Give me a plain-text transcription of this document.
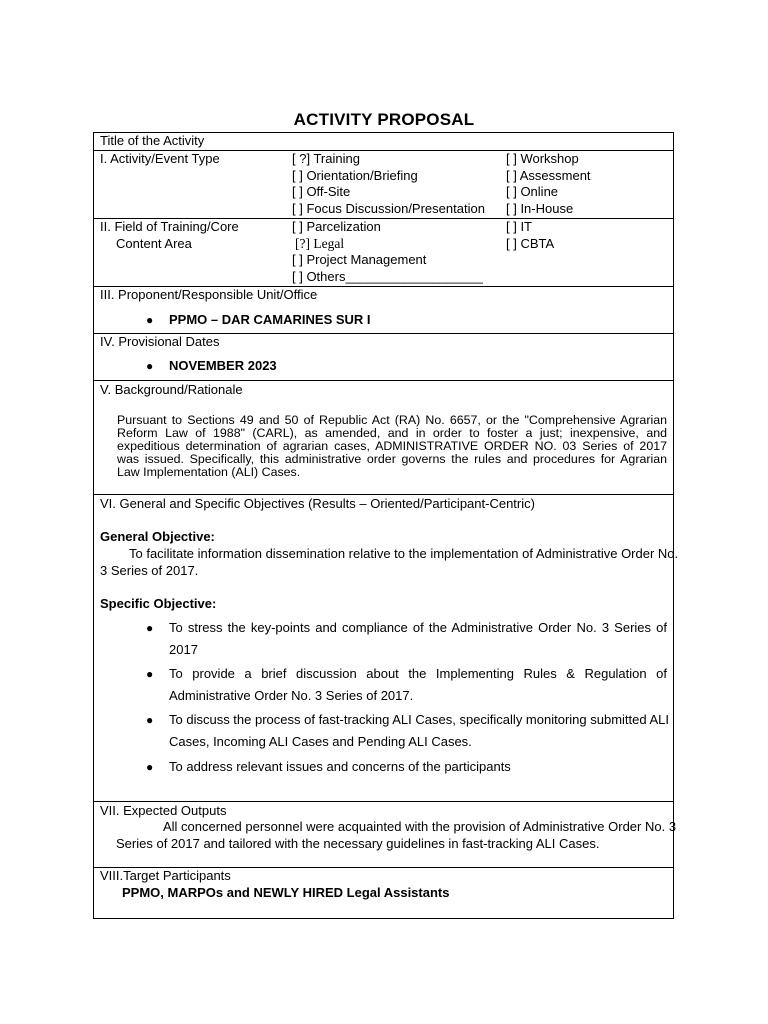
ACTIVITY PROPOSAL
Title of the Activity
I. Activity/Event Type	[ ?] Training
[ ] Orientation/Briefing
[ ] Off-Site
[ ] Focus Discussion/Presentation
[ ] Workshop
[ ] Assessment
[ ] Online
[ ] In-House
II. Field of Training/Core
Content Area
[ ] Parcelization
[?] Legal
[ ] Project Management
[ ] Others___________________
[ ] IT
[ ] CBTA
III. Proponent/Responsible Unit/Office
● PPMO – DAR CAMARINES SUR I
IV. Provisional Dates
● NOVEMBER 2023
V. Background/Rationale
Pursuant to Sections 49 and 50 of Republic Act (RA) No. 6657, or the "Comprehensive Agrarian
Reform Law of 1988" (CARL), as amended, and in order to foster a just; inexpensive, and
expeditious determination of agrarian cases, ADMINISTRATIVE ORDER NO. 03 Series of 2017
was issued. Specifically, this administrative order governs the rules and procedures for Agrarian
Law Implementation (ALI) Cases.
VI. General and Specific Objectives (Results – Oriented/Participant-Centric)
General Objective:
To facilitate information dissemination relative to the implementation of Administrative Order No.
3 Series of 2017.
Specific Objective:
● To stress the key-points and compliance of the Administrative Order No. 3 Series of
2017
● To provide a brief discussion about the Implementing Rules & Regulation of
Administrative Order No. 3 Series of 2017.
● To discuss the process of fast-tracking ALI Cases, specifically monitoring submitted ALI
Cases, Incoming ALI Cases and Pending ALI Cases.
● To address relevant issues and concerns of the participants
VII. Expected Outputs
All concerned personnel were acquainted with the provision of Administrative Order No. 3
Series of 2017 and tailored with the necessary guidelines in fast-tracking ALI Cases.
VIII.Target Participants
PPMO, MARPOs and NEWLY HIRED Legal Assistants
